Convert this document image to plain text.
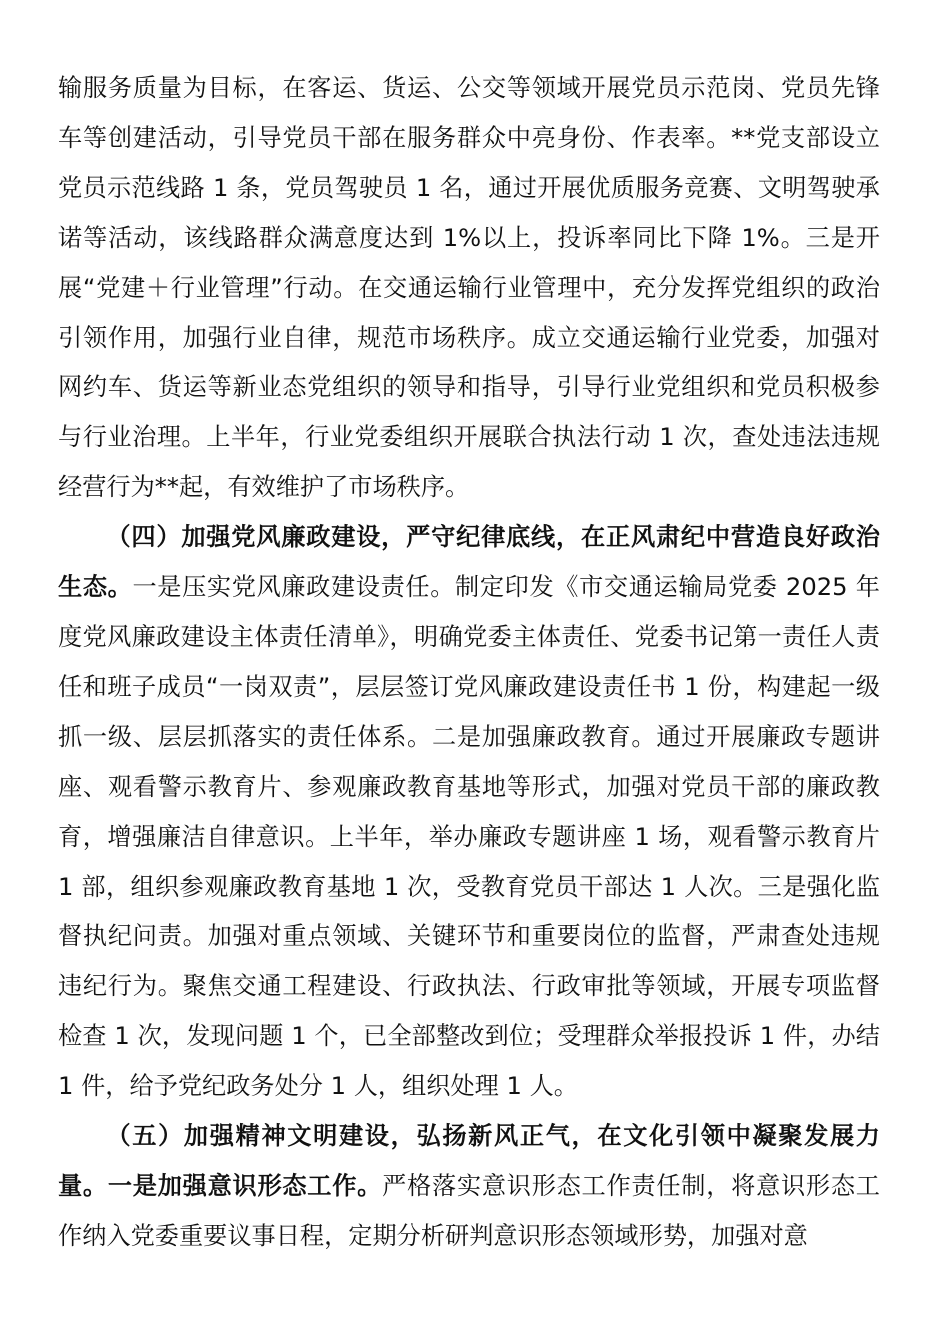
输服务质量为目标，在客运、货运、公交等领域开展党员示范岗、党员先锋车等创建活动，引导党员干部在服务群众中亮身份、作表率。**党支部设立党员示范线路 1 条，党员驾驶员 1 名，通过开展优质服务竞赛、文明驾驶承诺等活动，该线路群众满意度达到 1%以上，投诉率同比下降 1%。三是开展“党建＋行业管理”行动。在交通运输行业管理中，充分发挥党组织的政治引领作用，加强行业自律，规范市场秩序。成立交通运输行业党委，加强对网约车、货运等新业态党组织的领导和指导，引导行业党组织和党员积极参与行业治理。上半年，行业党委组织开展联合执法行动 1 次，查处违法违规经营行为**起，有效维护了市场秩序。

（四）加强党风廉政建设，严守纪律底线，在正风肃纪中营造良好政治生态。一是压实党风廉政建设责任。制定印发《市交通运输局党委 2025 年度党风廉政建设主体责任清单》，明确党委主体责任、党委书记第一责任人责任和班子成员“一岗双责”，层层签订党风廉政建设责任书 1 份，构建起一级抓一级、层层抓落实的责任体系。二是加强廉政教育。通过开展廉政专题讲座、观看警示教育片、参观廉政教育基地等形式，加强对党员干部的廉政教育，增强廉洁自律意识。上半年，举办廉政专题讲座 1 场，观看警示教育片 1 部，组织参观廉政教育基地 1 次，受教育党员干部达 1 人次。三是强化监督执纪问责。加强对重点领域、关键环节和重要岗位的监督，严肃查处违规违纪行为。聚焦交通工程建设、行政执法、行政审批等领域，开展专项监督检查 1 次，发现问题 1 个，已全部整改到位；受理群众举报投诉 1 件，办结 1 件，给予党纪政务处分 1 人，组织处理 1 人。

（五）加强精神文明建设，弘扬新风正气，在文化引领中凝聚发展力量。一是加强意识形态工作。严格落实意识形态工作责任制，将意识形态工作纳入党委重要议事日程，定期分析研判意识形态领域形势，加强对意
